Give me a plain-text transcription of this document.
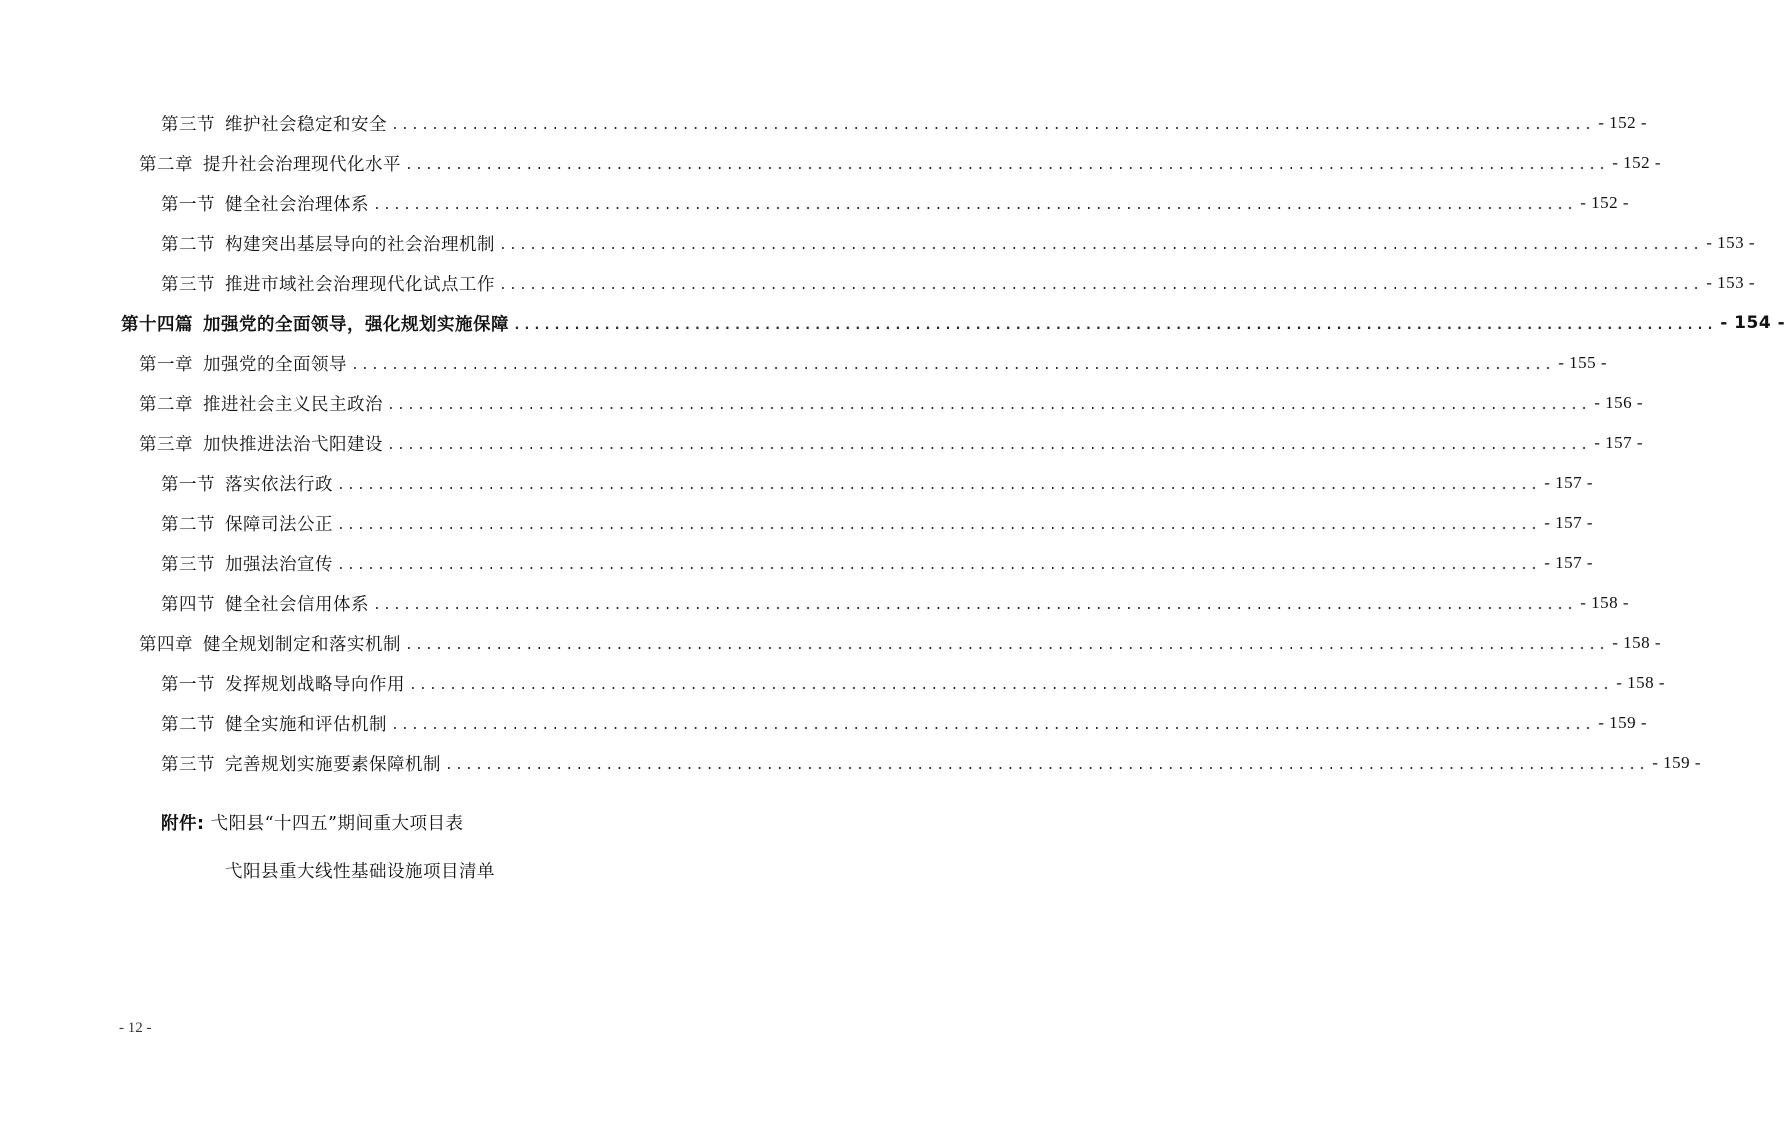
第三节 维护社会稳定和安全 ........................................................................................................................ - 152 -
第二章 提升社会治理现代化水平 ........................................................................................................................ - 152 -
第一节 健全社会治理体系 ........................................................................................................................ - 152 -
第二节 构建突出基层导向的社会治理机制 ........................................................................................................................ - 153 -
第三节 推进市域社会治理现代化试点工作 ........................................................................................................................ - 153 -
第十四篇 加强党的全面领导，强化规划实施保障 ........................................................................................................................ - 154 -
第一章 加强党的全面领导 ........................................................................................................................ - 155 -
第二章 推进社会主义民主政治 ........................................................................................................................ - 156 -
第三章 加快推进法治弋阳建设 ........................................................................................................................ - 157 -
第一节 落实依法行政 ........................................................................................................................ - 157 -
第二节 保障司法公正 ........................................................................................................................ - 157 -
第三节 加强法治宣传 ........................................................................................................................ - 157 -
第四节 健全社会信用体系 ........................................................................................................................ - 158 -
第四章 健全规划制定和落实机制 ........................................................................................................................ - 158 -
第一节 发挥规划战略导向作用 ........................................................................................................................ - 158 -
第二节 健全实施和评估机制 ........................................................................................................................ - 159 -
第三节 完善规划实施要素保障机制 ........................................................................................................................ - 159 -
附件: 弋阳县“十四五”期间重大项目表
弋阳县重大线性基础设施项目清单
- 12 -
